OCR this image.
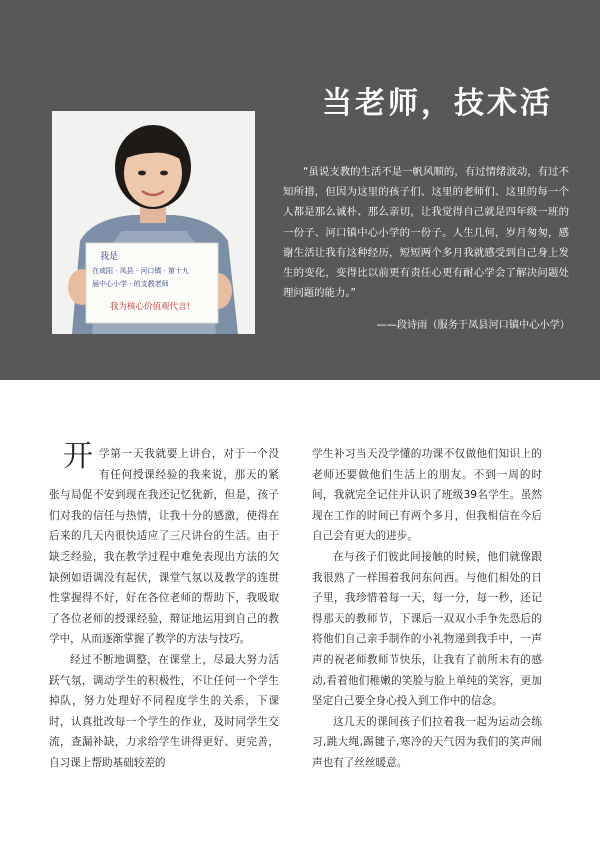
当老师，技术活
我是
在咸阳 · 凤县 · 河口镇 · 第十九
届中心小学 · 的支教老师
我为核心价值观代言!

“虽说支教的生活不是一帆风顺的，有过情绪波动，有过不知所措，但因为这里的孩子们、这里的老师们、这里的每一个人都是那么诚朴、那么亲切，让我觉得自己就是四年级一班的一份子、河口镇中心小学的一份子。人生几何，岁月匆匆，感谢生活让我有这种经历，短短两个多月我就感受到自己身上发生的变化，变得比以前更有责任心更有耐心学会了解决问题处理问题的能力。”

——段诗雨（服务于凤县河口镇中心小学）

开学第一天我就要上讲台，对于一个没有任何授课经验的我来说，那天的紧张与局促不安到现在我还记忆犹新，但是，孩子们对我的信任与热情，让我十分的感激，使得在后来的几天内很快适应了三尺讲台的生活。由于缺乏经验，我在教学过程中难免表现出方法的欠缺例如语调没有起伏，课堂气氛以及教学的连贯性掌握得不好，好在各位老师的帮助下，我吸取了各位老师的授课经验，辩证地运用到自己的教学中，从而逐渐掌握了教学的方法与技巧。

经过不断地调整，在课堂上，尽最大努力活跃气氛，调动学生的积极性，不让任何一个学生掉队，努力处理好不同程度学生的关系，下课时，认真批改每一个学生的作业，及时同学生交流，查漏补缺，力求给学生讲得更好、更完善，自习课上帮助基础较差的

学生补习当天没学懂的功课不仅做他们知识上的老师还要做他们生活上的朋友。不到一周的时间，我就完全记住并认识了班级39名学生。虽然现在工作的时间已有两个多月，但我相信在今后自己会有更大的进步。

在与孩子们彼此间接触的时候，他们就像跟我很熟了一样围着我问东问西。与他们相处的日子里，我珍惜着每一天，每一分，每一秒，还记得那天的教师节，下课后一双双小手争先恐后的将他们自己亲手制作的小礼物递到我手中，一声声的祝老师教师节快乐，让我有了前所未有的感动,看着他们稚嫩的笑脸与脸上单纯的笑容，更加坚定自己要全身心投入到工作中的信念。

这几天的课间孩子们拉着我一起为运动会练习,跳大绳,踢毽子,寒冷的天气因为我们的笑声闹声也有了丝丝暖意。
